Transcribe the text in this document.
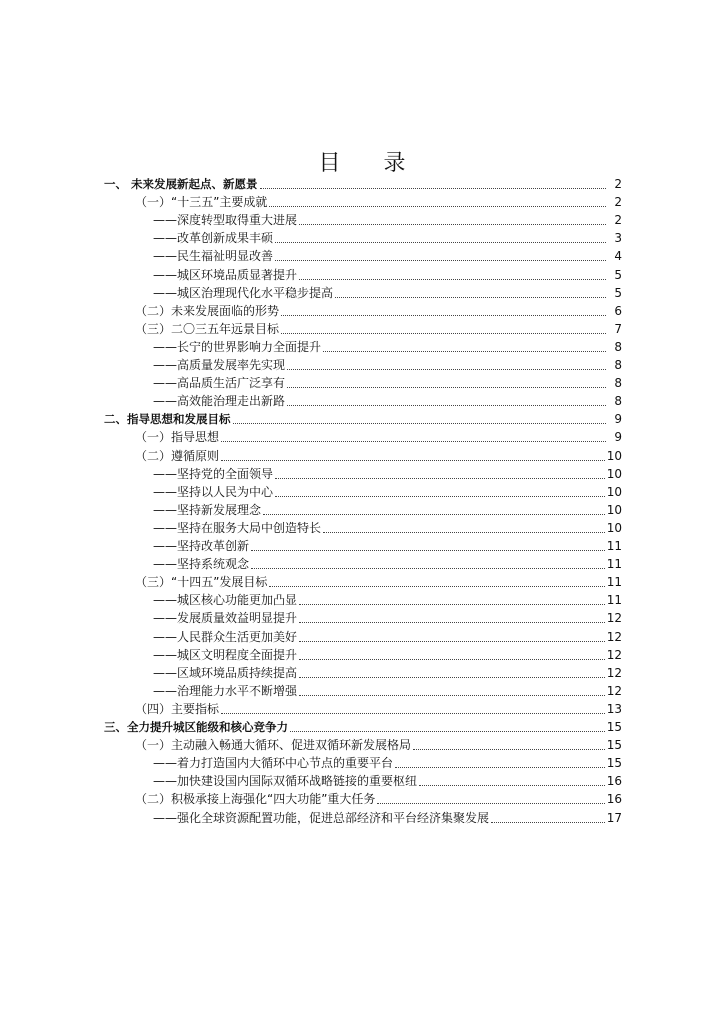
目 录
一、 未来发展新起点、新愿景	2
（一）“十三五”主要成就	2
——深度转型取得重大进展	2
——改革创新成果丰硕	3
——民生福祉明显改善	4
——城区环境品质显著提升	5
——城区治理现代化水平稳步提高	5
（二）未来发展面临的形势	6
（三）二〇三五年远景目标	7
——长宁的世界影响力全面提升	8
——高质量发展率先实现	8
——高品质生活广泛享有	8
——高效能治理走出新路	8
二、指导思想和发展目标	9
（一）指导思想	9
（二）遵循原则	10
——坚持党的全面领导	10
——坚持以人民为中心	10
——坚持新发展理念	10
——坚持在服务大局中创造特长	10
——坚持改革创新	11
——坚持系统观念	11
（三）“十四五”发展目标	11
——城区核心功能更加凸显	11
——发展质量效益明显提升	12
——人民群众生活更加美好	12
——城区文明程度全面提升	12
——区域环境品质持续提高	12
——治理能力水平不断增强	12
（四）主要指标	13
三、全力提升城区能级和核心竞争力	15
（一）主动融入畅通大循环、促进双循环新发展格局	15
——着力打造国内大循环中心节点的重要平台	15
——加快建设国内国际双循环战略链接的重要枢纽	16
（二）积极承接上海强化“四大功能”重大任务	16
——强化全球资源配置功能，促进总部经济和平台经济集聚发展	17
